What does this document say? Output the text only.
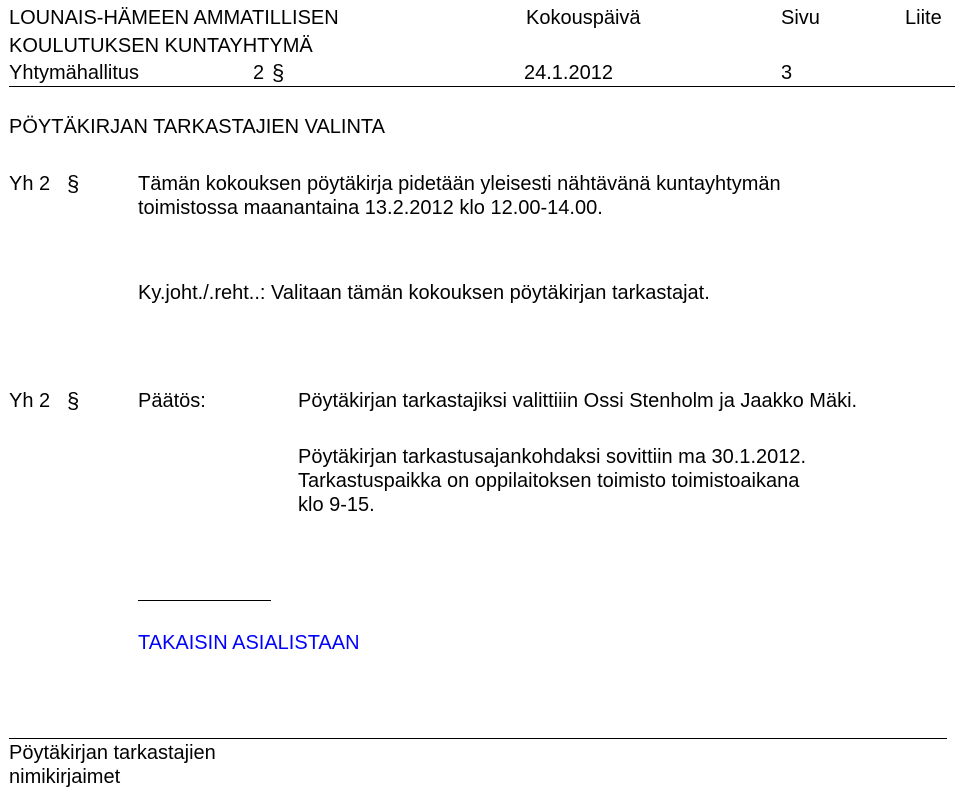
LOUNAIS-HÄMEEN AMMATILLISEN	Kokouspäivä	Sivu	Liite
KOULUTUKSEN KUNTAYHTYMÄ
Yhtymähallitus	2 §	24.1.2012	3
PÖYTÄKIRJAN TARKASTAJIEN VALINTA
Yh 2 §	Tämän kokouksen pöytäkirja pidetään yleisesti nähtävänä kuntayhtymän
toimistossa maanantaina 13.2.2012 klo 12.00-14.00.
Ky.joht./.reht..: Valitaan tämän kokouksen pöytäkirjan tarkastajat.
Yh 2 §	Päätös:	Pöytäkirjan tarkastajiksi valittiiin Ossi Stenholm ja Jaakko Mäki.
Pöytäkirjan tarkastusajankohdaksi sovittiin ma 30.1.2012.
Tarkastuspaikka on oppilaitoksen toimisto toimistoaikana
klo 9-15.
TAKAISIN ASIALISTAAN
Pöytäkirjan tarkastajien
nimikirjaimet
